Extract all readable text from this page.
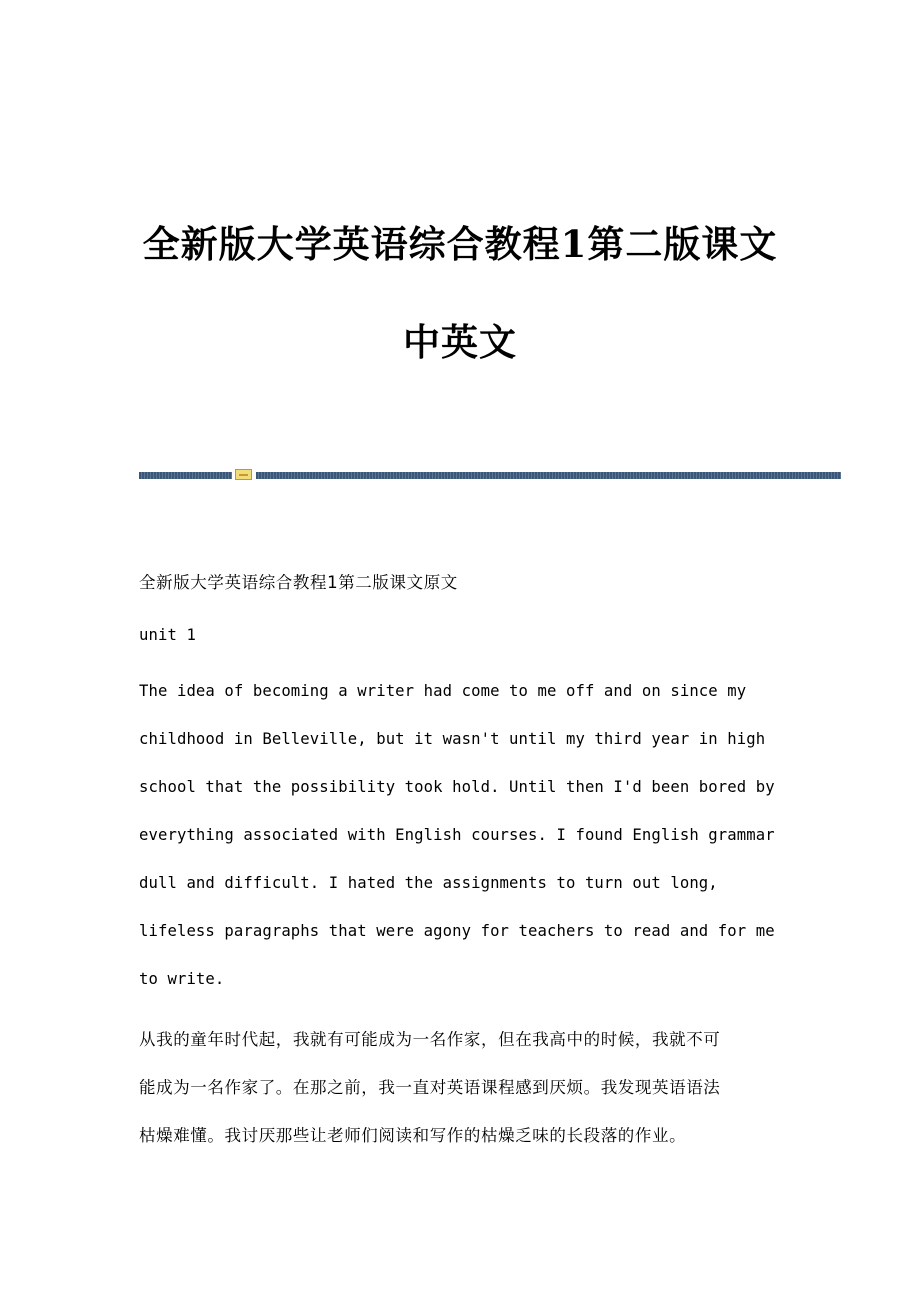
全新版大学英语综合教程1第二版课文
中英文

全新版大学英语综合教程1第二版课文原文

unit 1

The idea of becoming a writer had come to me off and on since my

childhood in Belleville, but it wasn't until my third year in high

school that the possibility took hold. Until then I'd been bored by

everything associated with English courses. I found English grammar

dull and difficult. I hated the assignments to turn out long,

lifeless paragraphs that were agony for teachers to read and for me

to write.

从我的童年时代起，我就有可能成为一名作家，但在我高中的时候，我就不可

能成为一名作家了。在那之前，我一直对英语课程感到厌烦。我发现英语语法

枯燥难懂。我讨厌那些让老师们阅读和写作的枯燥乏味的长段落的作业。
